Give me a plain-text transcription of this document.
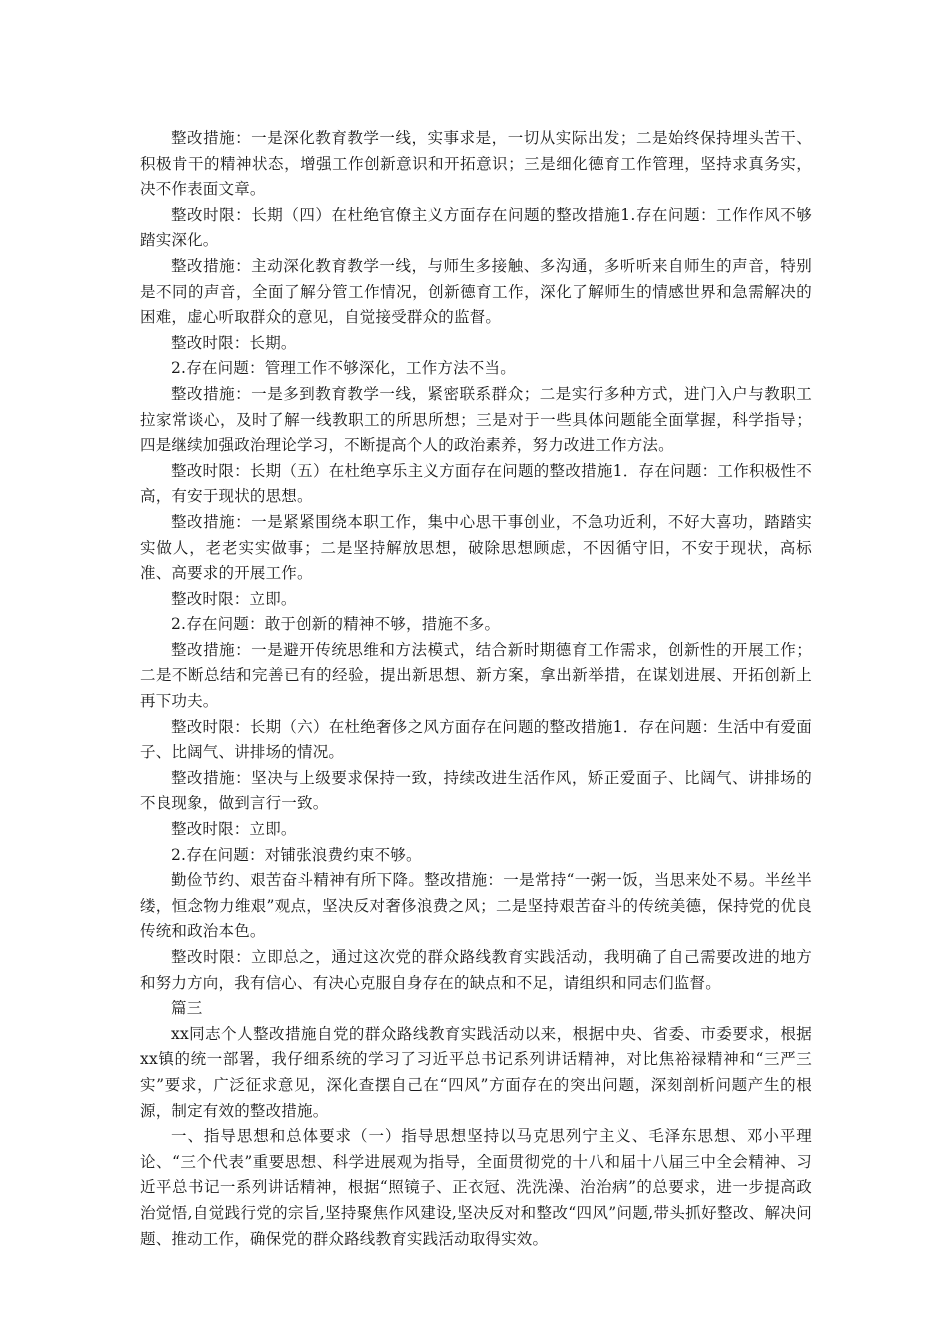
整改措施：一是深化教育教学一线，实事求是，一切从实际出发；二是始终保持埋头苦干、积极肯干的精神状态，增强工作创新意识和开拓意识；三是细化德育工作管理，坚持求真务实，决不作表面文章。

整改时限：长期（四）在杜绝官僚主义方面存在问题的整改措施1.存在问题：工作作风不够踏实深化。

整改措施：主动深化教育教学一线，与师生多接触、多沟通，多听听来自师生的声音，特别是不同的声音，全面了解分管工作情况，创新德育工作，深化了解师生的情感世界和急需解决的困难，虚心听取群众的意见，自觉接受群众的监督。

整改时限：长期。

2.存在问题：管理工作不够深化，工作方法不当。

整改措施：一是多到教育教学一线，紧密联系群众；二是实行多种方式，进门入户与教职工拉家常谈心，及时了解一线教职工的所思所想；三是对于一些具体问题能全面掌握，科学指导；四是继续加强政治理论学习，不断提高个人的政治素养，努力改进工作方法。

整改时限：长期（五）在杜绝享乐主义方面存在问题的整改措施1．存在问题：工作积极性不高，有安于现状的思想。

整改措施：一是紧紧围绕本职工作，集中心思干事创业，不急功近利，不好大喜功，踏踏实实做人，老老实实做事；二是坚持解放思想，破除思想顾虑，不因循守旧，不安于现状，高标准、高要求的开展工作。

整改时限：立即。

2.存在问题：敢于创新的精神不够，措施不多。

整改措施：一是避开传统思维和方法模式，结合新时期德育工作需求，创新性的开展工作；二是不断总结和完善已有的经验，提出新思想、新方案，拿出新举措，在谋划进展、开拓创新上再下功夫。

整改时限：长期（六）在杜绝奢侈之风方面存在问题的整改措施1．存在问题：生活中有爱面子、比阔气、讲排场的情况。

整改措施：坚决与上级要求保持一致，持续改进生活作风，矫正爱面子、比阔气、讲排场的不良现象，做到言行一致。

整改时限：立即。

2.存在问题：对铺张浪费约束不够。

勤俭节约、艰苦奋斗精神有所下降。整改措施：一是常持“一粥一饭，当思来处不易。半丝半缕，恒念物力维艰”观点，坚决反对奢侈浪费之风；二是坚持艰苦奋斗的传统美德，保持党的优良传统和政治本色。

整改时限：立即总之，通过这次党的群众路线教育实践活动，我明确了自己需要改进的地方和努力方向，我有信心、有决心克服自身存在的缺点和不足，请组织和同志们监督。

篇三

xx同志个人整改措施自党的群众路线教育实践活动以来，根据中央、省委、市委要求，根据xx镇的统一部署，我仔细系统的学习了习近平总书记系列讲话精神，对比焦裕禄精神和“三严三实”要求，广泛征求意见，深化查摆自己在“四风”方面存在的突出问题，深刻剖析问题产生的根源，制定有效的整改措施。

一、指导思想和总体要求（一）指导思想坚持以马克思列宁主义、毛泽东思想、邓小平理论、“三个代表”重要思想、科学进展观为指导，全面贯彻党的十八和届十八届三中全会精神、习近平总书记一系列讲话精神，根据“照镜子、正衣冠、洗洗澡、治治病”的总要求，进一步提高政治觉悟,自觉践行党的宗旨,坚持聚焦作风建设,坚决反对和整改“四风”问题,带头抓好整改、解决问题、推动工作，确保党的群众路线教育实践活动取得实效。
